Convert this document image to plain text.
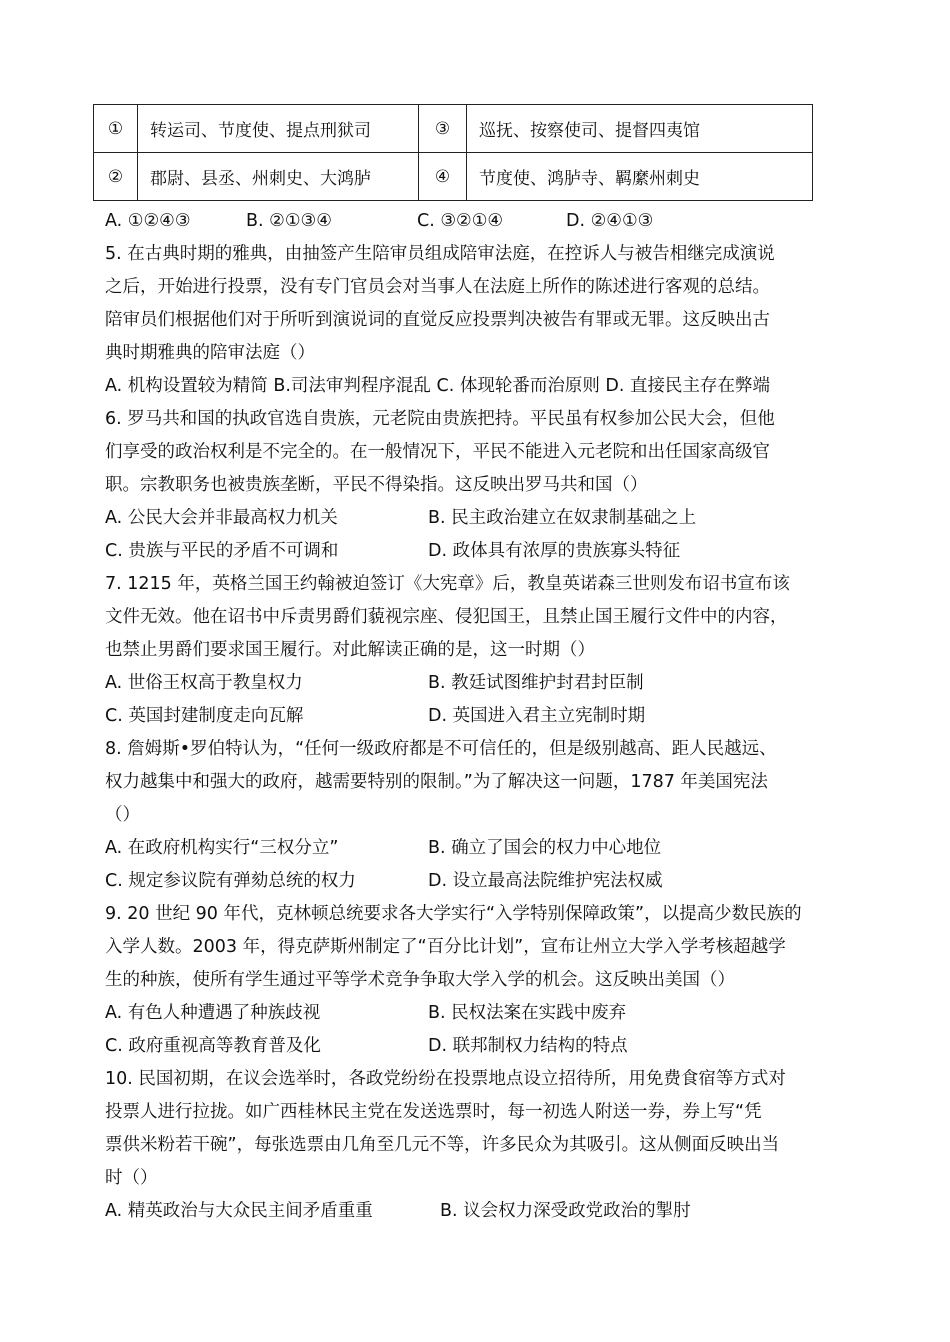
①	转运司、节度使、提点刑狱司	③	巡抚、按察使司、提督四夷馆
②	郡尉、县丞、州刺史、大鸿胪	④	节度使、鸿胪寺、羁縻州刺史
A. ①②④③	B. ②①③④	C. ③②①④	D. ②④①③
5. 在古典时期的雅典，由抽签产生陪审员组成陪审法庭，在控诉人与被告相继完成演说
之后，开始进行投票，没有专门官员会对当事人在法庭上所作的陈述进行客观的总结。
陪审员们根据他们对于所听到演说词的直觉反应投票判决被告有罪或无罪。这反映出古
典时期雅典的陪审法庭（）
A. 机构设置较为精简 B.司法审判程序混乱 C. 体现轮番而治原则 D. 直接民主存在弊端
6. 罗马共和国的执政官选自贵族，元老院由贵族把持。平民虽有权参加公民大会，但他
们享受的政治权利是不完全的。在一般情况下，平民不能进入元老院和出任国家高级官
职。宗教职务也被贵族垄断，平民不得染指。这反映出罗马共和国（）
A. 公民大会并非最高权力机关	B. 民主政治建立在奴隶制基础之上
C. 贵族与平民的矛盾不可调和	D. 政体具有浓厚的贵族寡头特征
7. 1215 年，英格兰国王约翰被迫签订《大宪章》后，教皇英诺森三世则发布诏书宣布该
文件无效。他在诏书中斥责男爵们藐视宗座、侵犯国王，且禁止国王履行文件中的内容，
也禁止男爵们要求国王履行。对此解读正确的是，这一时期（）
A. 世俗王权高于教皇权力	B. 教廷试图维护封君封臣制
C. 英国封建制度走向瓦解	D. 英国进入君主立宪制时期
8. 詹姆斯•罗伯特认为，“任何一级政府都是不可信任的，但是级别越高、距人民越远、
权力越集中和强大的政府，越需要特别的限制。”为了解决这一问题，1787 年美国宪法
（）
A. 在政府机构实行“三权分立”	B. 确立了国会的权力中心地位
C. 规定参议院有弹劾总统的权力	D. 设立最高法院维护宪法权威
9. 20 世纪 90 年代，克林顿总统要求各大学实行“入学特别保障政策”，以提高少数民族的
入学人数。2003 年，得克萨斯州制定了“百分比计划”，宣布让州立大学入学考核超越学
生的种族，使所有学生通过平等学术竞争争取大学入学的机会。这反映出美国（）
A. 有色人种遭遇了种族歧视	B. 民权法案在实践中废弃
C. 政府重视高等教育普及化	D. 联邦制权力结构的特点
10. 民国初期，在议会选举时，各政党纷纷在投票地点设立招待所，用免费食宿等方式对
投票人进行拉拢。如广西桂林民主党在发送选票时，每一初选人附送一券，券上写“凭
票供米粉若干碗”，每张选票由几角至几元不等，许多民众为其吸引。这从侧面反映出当
时（）
A. 精英政治与大众民主间矛盾重重	B. 议会权力深受政党政治的掣肘
